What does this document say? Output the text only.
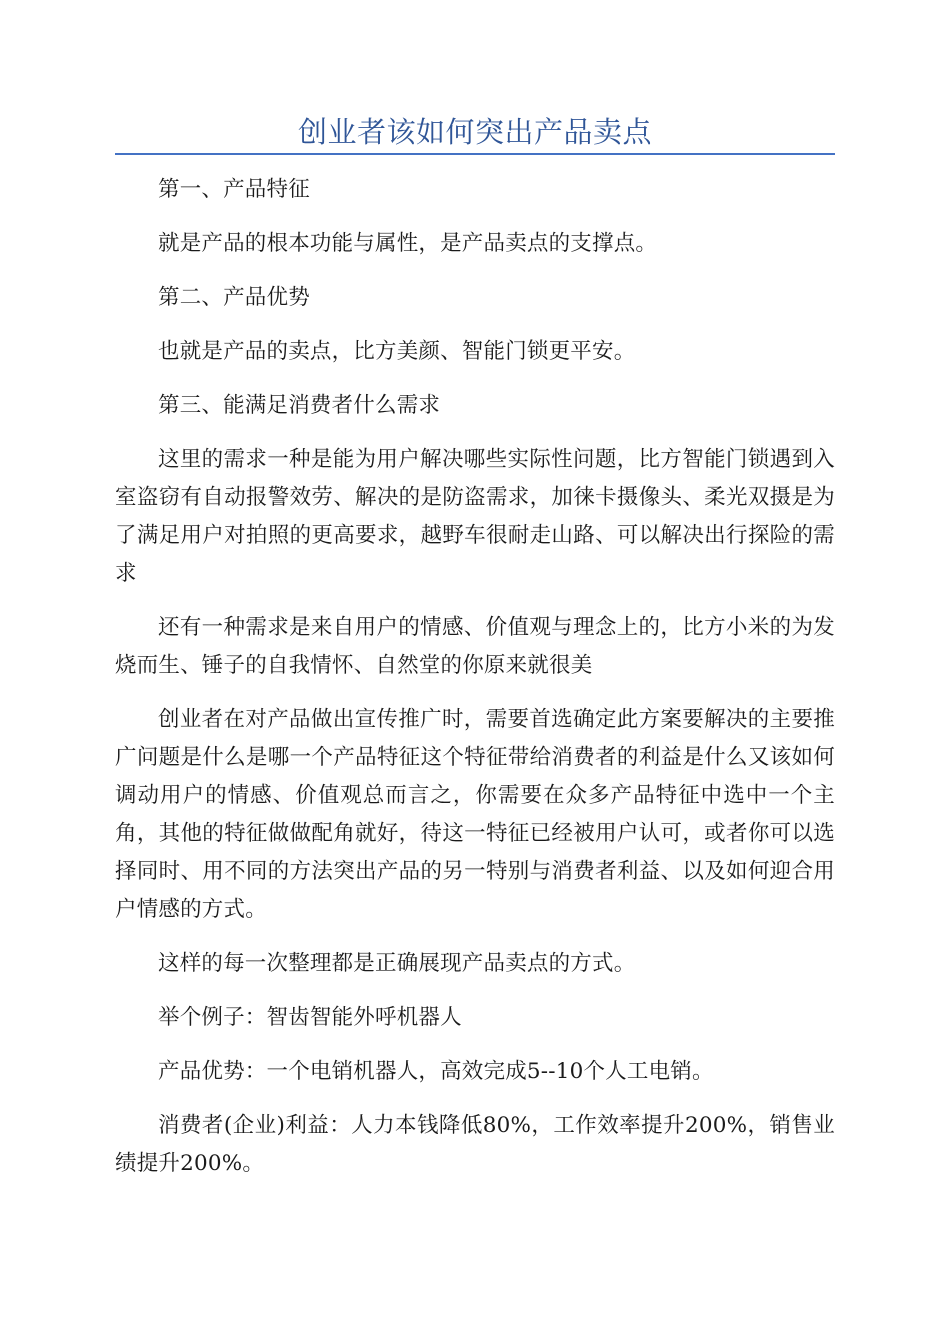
创业者该如何突出产品卖点

第一、产品特征

就是产品的根本功能与属性，是产品卖点的支撑点。

第二、产品优势

也就是产品的卖点，比方美颜、智能门锁更平安。

第三、能满足消费者什么需求

这里的需求一种是能为用户解决哪些实际性问题，比方智能门锁遇到入室盗窃有自动报警效劳、解决的是防盗需求，加徕卡摄像头、柔光双摄是为了满足用户对拍照的更高要求，越野车很耐走山路、可以解决出行探险的需求

还有一种需求是来自用户的情感、价值观与理念上的，比方小米的为发烧而生、锤子的自我情怀、自然堂的你原来就很美

创业者在对产品做出宣传推广时，需要首选确定此方案要解决的主要推广问题是什么是哪一个产品特征这个特征带给消费者的利益是什么又该如何调动用户的情感、价值观总而言之，你需要在众多产品特征中选中一个主角，其他的特征做做配角就好，待这一特征已经被用户认可，或者你可以选择同时、用不同的方法突出产品的另一特别与消费者利益、以及如何迎合用户情感的方式。

这样的每一次整理都是正确展现产品卖点的方式。

举个例子：智齿智能外呼机器人

产品优势：一个电销机器人，高效完成5--10个人工电销。

消费者(企业)利益：人力本钱降低80%，工作效率提升200%，销售业绩提升200%。
